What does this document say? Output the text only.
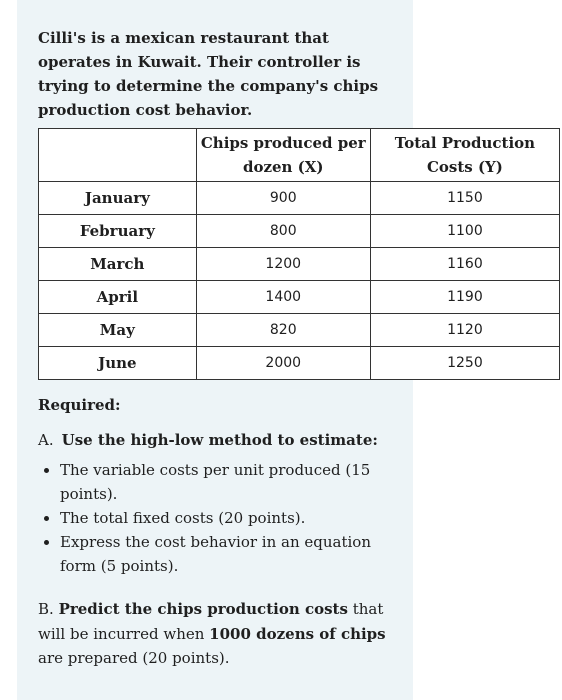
Cilli's is a mexican restaurant that operates in Kuwait. Their controller is trying to determine the company's chips production cost behavior.
	Chips produced per dozen (X)	Total Production Costs (Y)
January	900	1150
February	800	1100
March	1200	1160
April	1400	1190
May	820	1120
June	2000	1250
Required:
A. Use the high-low method to estimate:
• The variable costs per unit produced (15 points).
• The total fixed costs (20 points).
• Express the cost behavior in an equation form (5 points).
B. Predict the chips production costs that will be incurred when 1000 dozens of chips are prepared (20 points).
